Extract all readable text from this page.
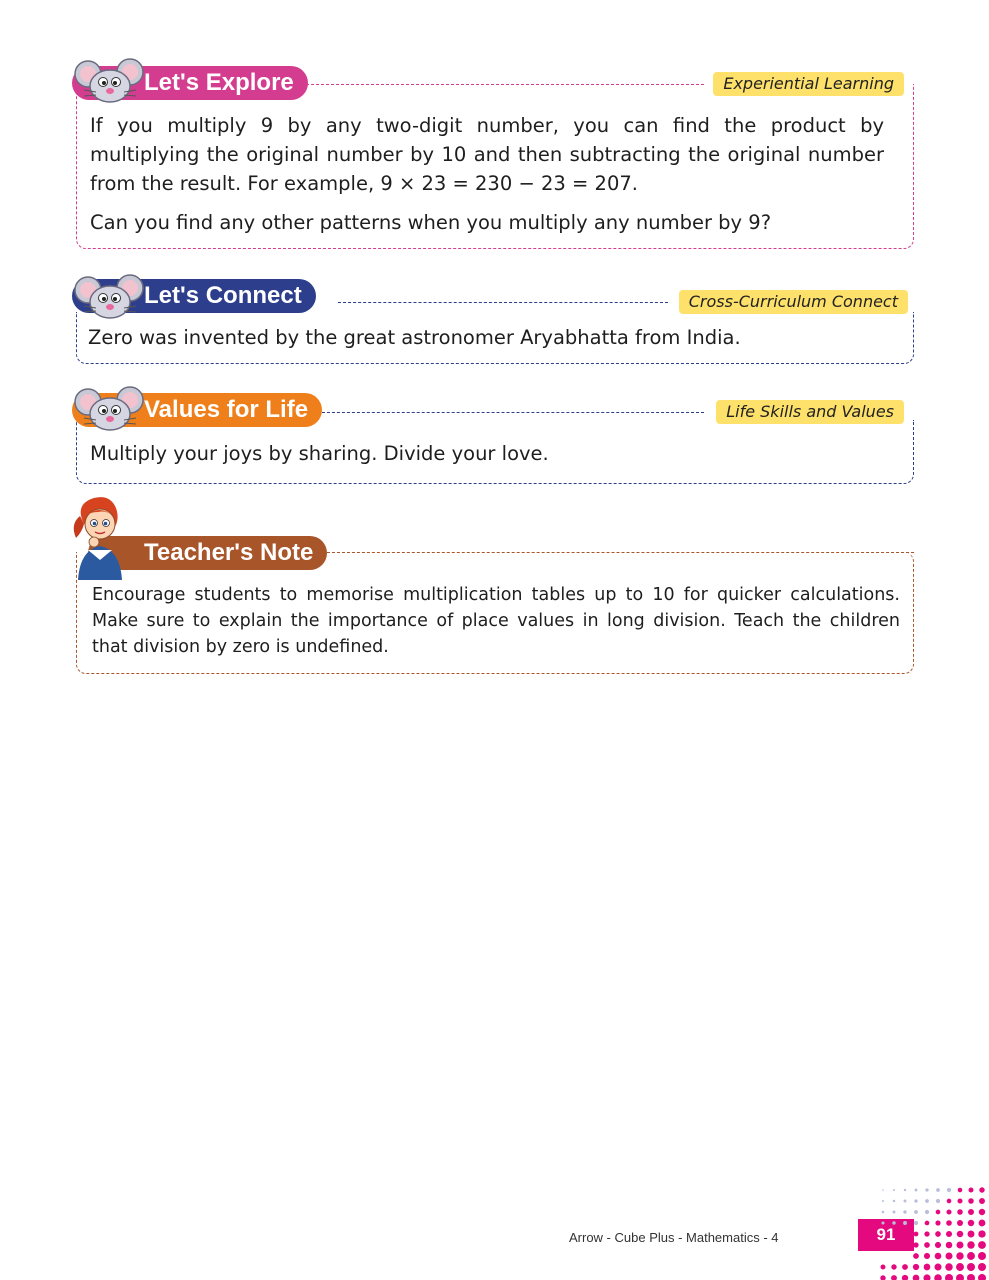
Let's Explore	Experiential Learning

If you multiply 9 by any two-digit number, you can find the product by multiplying the original number by 10 and then subtracting the original number from the result. For example, 9 × 23 = 230 − 23 = 207.

Can you find any other patterns when you multiply any number by 9?

Let's Connect	Cross-Curriculum Connect
Zero was invented by the great astronomer Aryabhatta from India.
Values for Life	Life Skills and Values
Multiply your joys by sharing. Divide your love.
Teacher's Note
Encourage students to memorise multiplication tables up to 10 for quicker calculations. Make sure to explain the importance of place values in long division. Teach the children that division by zero is undefined.
Arrow - Cube Plus - Mathematics - 4	91
